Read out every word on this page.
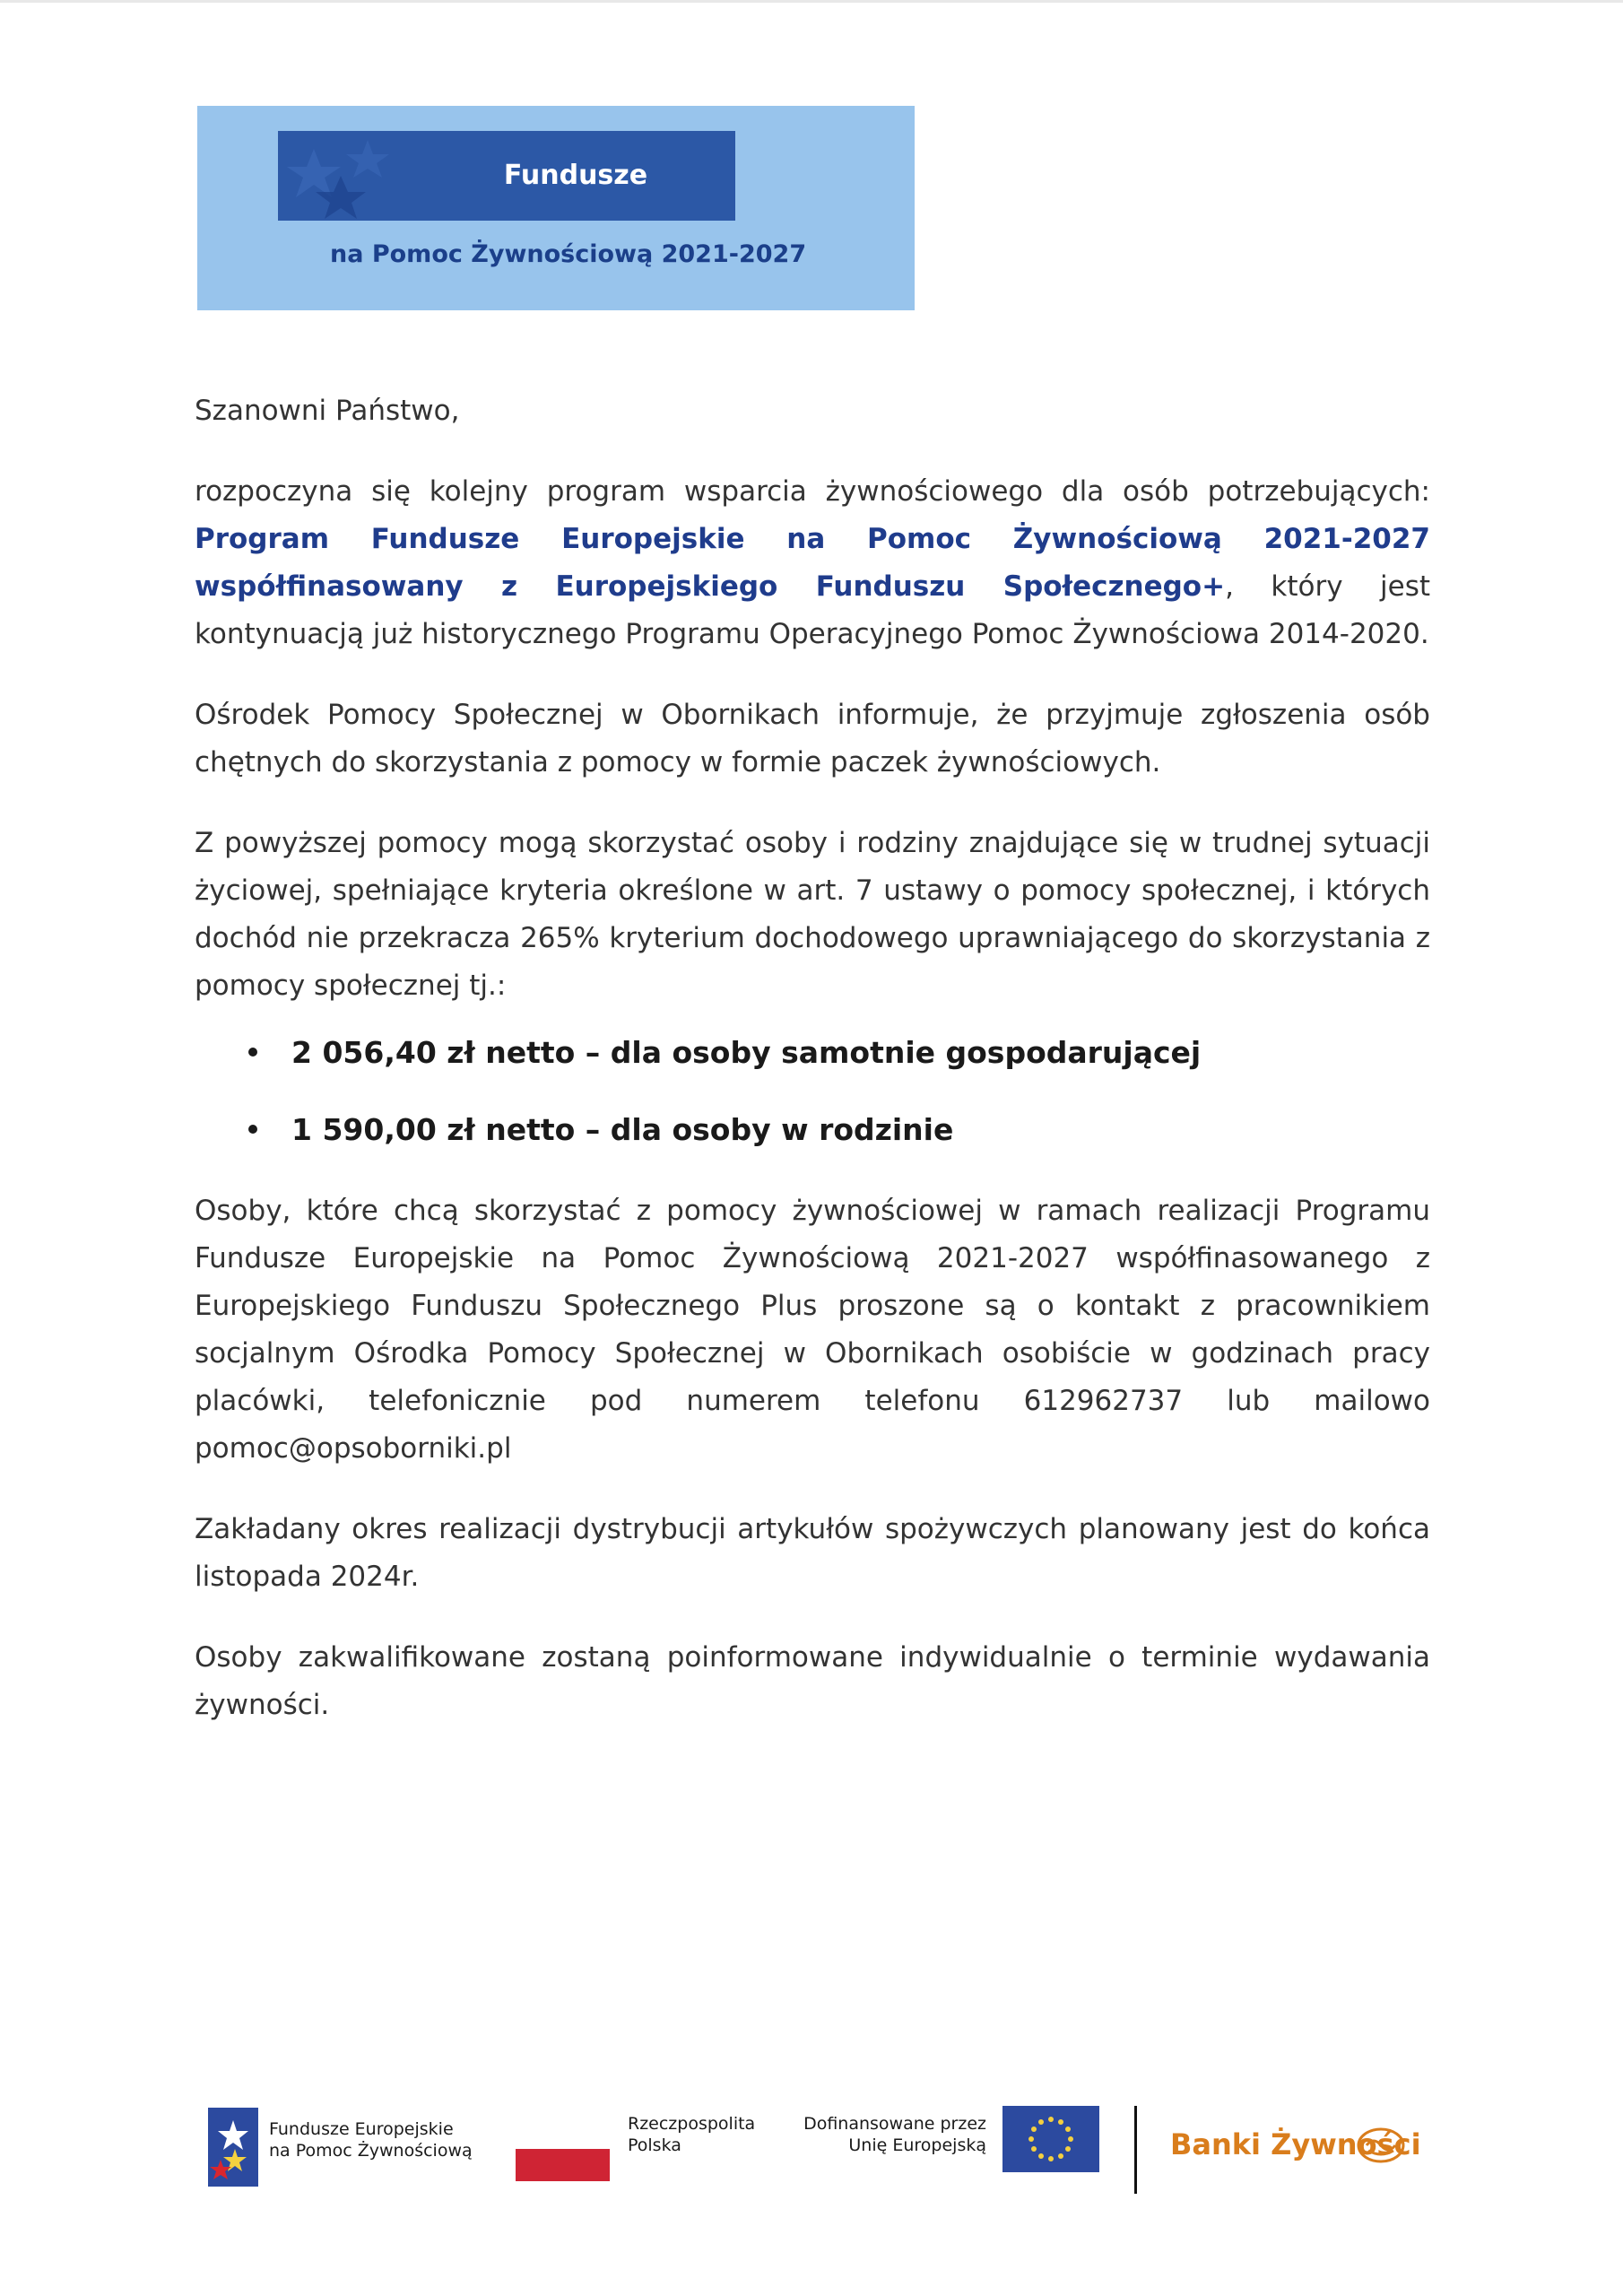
Fundusze
na Pomoc Żywnościową 2021-2027

Szanowni Państwo,

rozpoczyna się kolejny program wsparcia żywnościowego dla osób potrzebujących: Program Fundusze Europejskie na Pomoc Żywnościową 2021-2027 współfinasowany z Europejskiego Funduszu Społecznego+, który jest kontynuacją już historycznego Programu Operacyjnego Pomoc Żywnościowa 2014-2020.

Ośrodek Pomocy Społecznej w Obornikach informuje, że przyjmuje zgłoszenia osób chętnych do skorzystania z pomocy w formie paczek żywnościowych.

Z powyższej pomocy mogą skorzystać osoby i rodziny znajdujące się w trudnej sytuacji życiowej, spełniające kryteria określone w art. 7 ustawy o pomocy społecznej, i których dochód nie przekracza 265% kryterium dochodowego uprawniającego do skorzystania z pomocy społecznej tj.:

2 056,40 zł netto – dla osoby samotnie gospodarującej
1 590,00 zł netto – dla osoby w rodzinie

Osoby, które chcą skorzystać z pomocy żywnościowej w ramach realizacji Programu Fundusze Europejskie na Pomoc Żywnościową 2021-2027 współfinasowanego z Europejskiego Funduszu Społecznego Plus proszone są o kontakt z pracownikiem socjalnym Ośrodka Pomocy Społecznej w Obornikach osobiście w godzinach pracy placówki, telefonicznie pod numerem telefonu 612962737 lub mailowo pomoc@opsoborniki.pl

Zakładany okres realizacji dystrybucji artykułów spożywczych planowany jest do końca listopada 2024r.

Osoby zakwalifikowane zostaną poinformowane indywidualnie o terminie wydawania żywności.

Fundusze Europejskie
na Pomoc Żywnościową
Rzeczpospolita
Polska
Dofinansowane przez
Unię Europejską	Banki Żywności
